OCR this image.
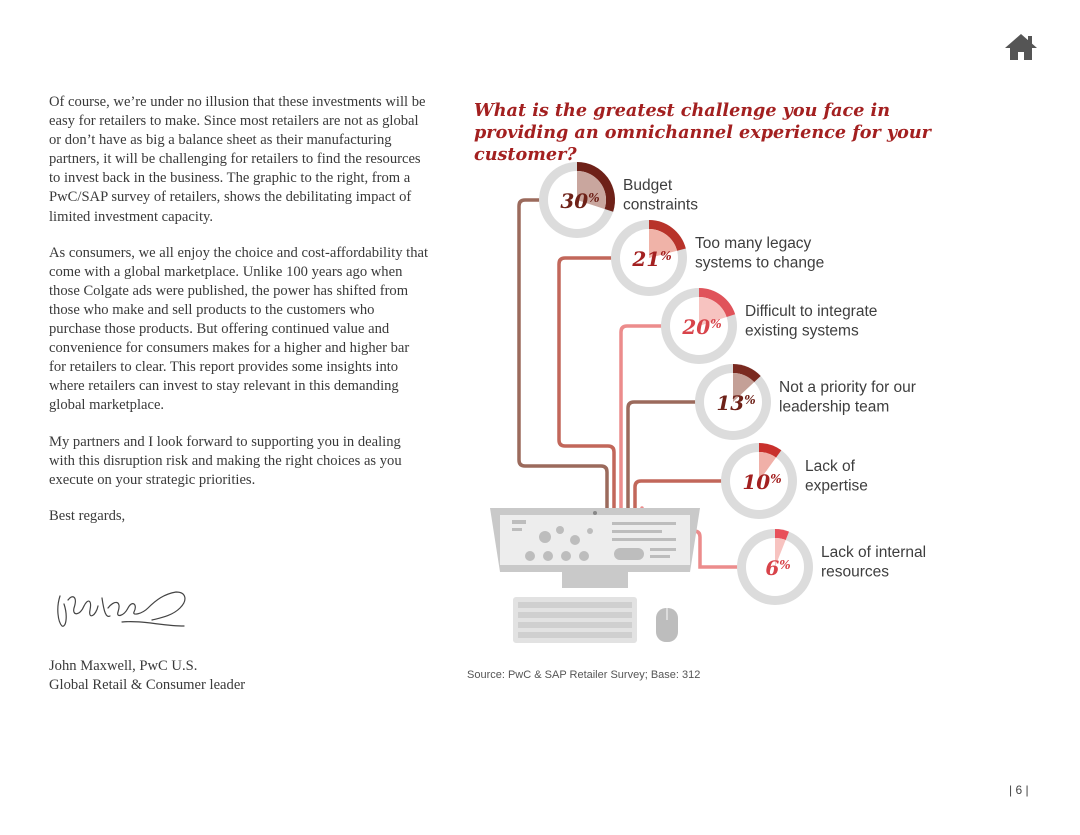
Of course, we’re under no illusion that these investments will be easy for retailers to make. Since most retailers are not as global or don’t have as big a balance sheet as their manufacturing partners, it will be challenging for retailers to find the resources to invest back in the business. The graphic to the right, from a PwC/SAP survey of retailers, shows the debilitating impact of limited investment capacity.

As consumers, we all enjoy the choice and cost-affordability that come with a global marketplace. Unlike 100 years ago when those Colgate ads were published, the power has shifted from those who make and sell products to the customers who purchase those products. But offering continued value and convenience for consumers makes for a higher and higher bar for retailers to clear. This report provides some insights into where retailers can invest to stay relevant in this demanding global marketplace.

My partners and I look forward to supporting you in dealing with this disruption risk and making the right choices as you execute on your strategic priorities.

Best regards,

John Maxwell, PwC U.S.
Global Retail & Consumer leader
What is the greatest challenge you face in providing an omnichannel experience for your customer?
30%
Budget
constraints
21%
Too many legacy
systems to change
20%
Difficult to integrate
existing systems
13%
Not a priority for our
leadership team
10%
Lack of
expertise
6%
Lack of internal
resources
Source: PwC & SAP Retailer Survey; Base: 312
| 6 |
